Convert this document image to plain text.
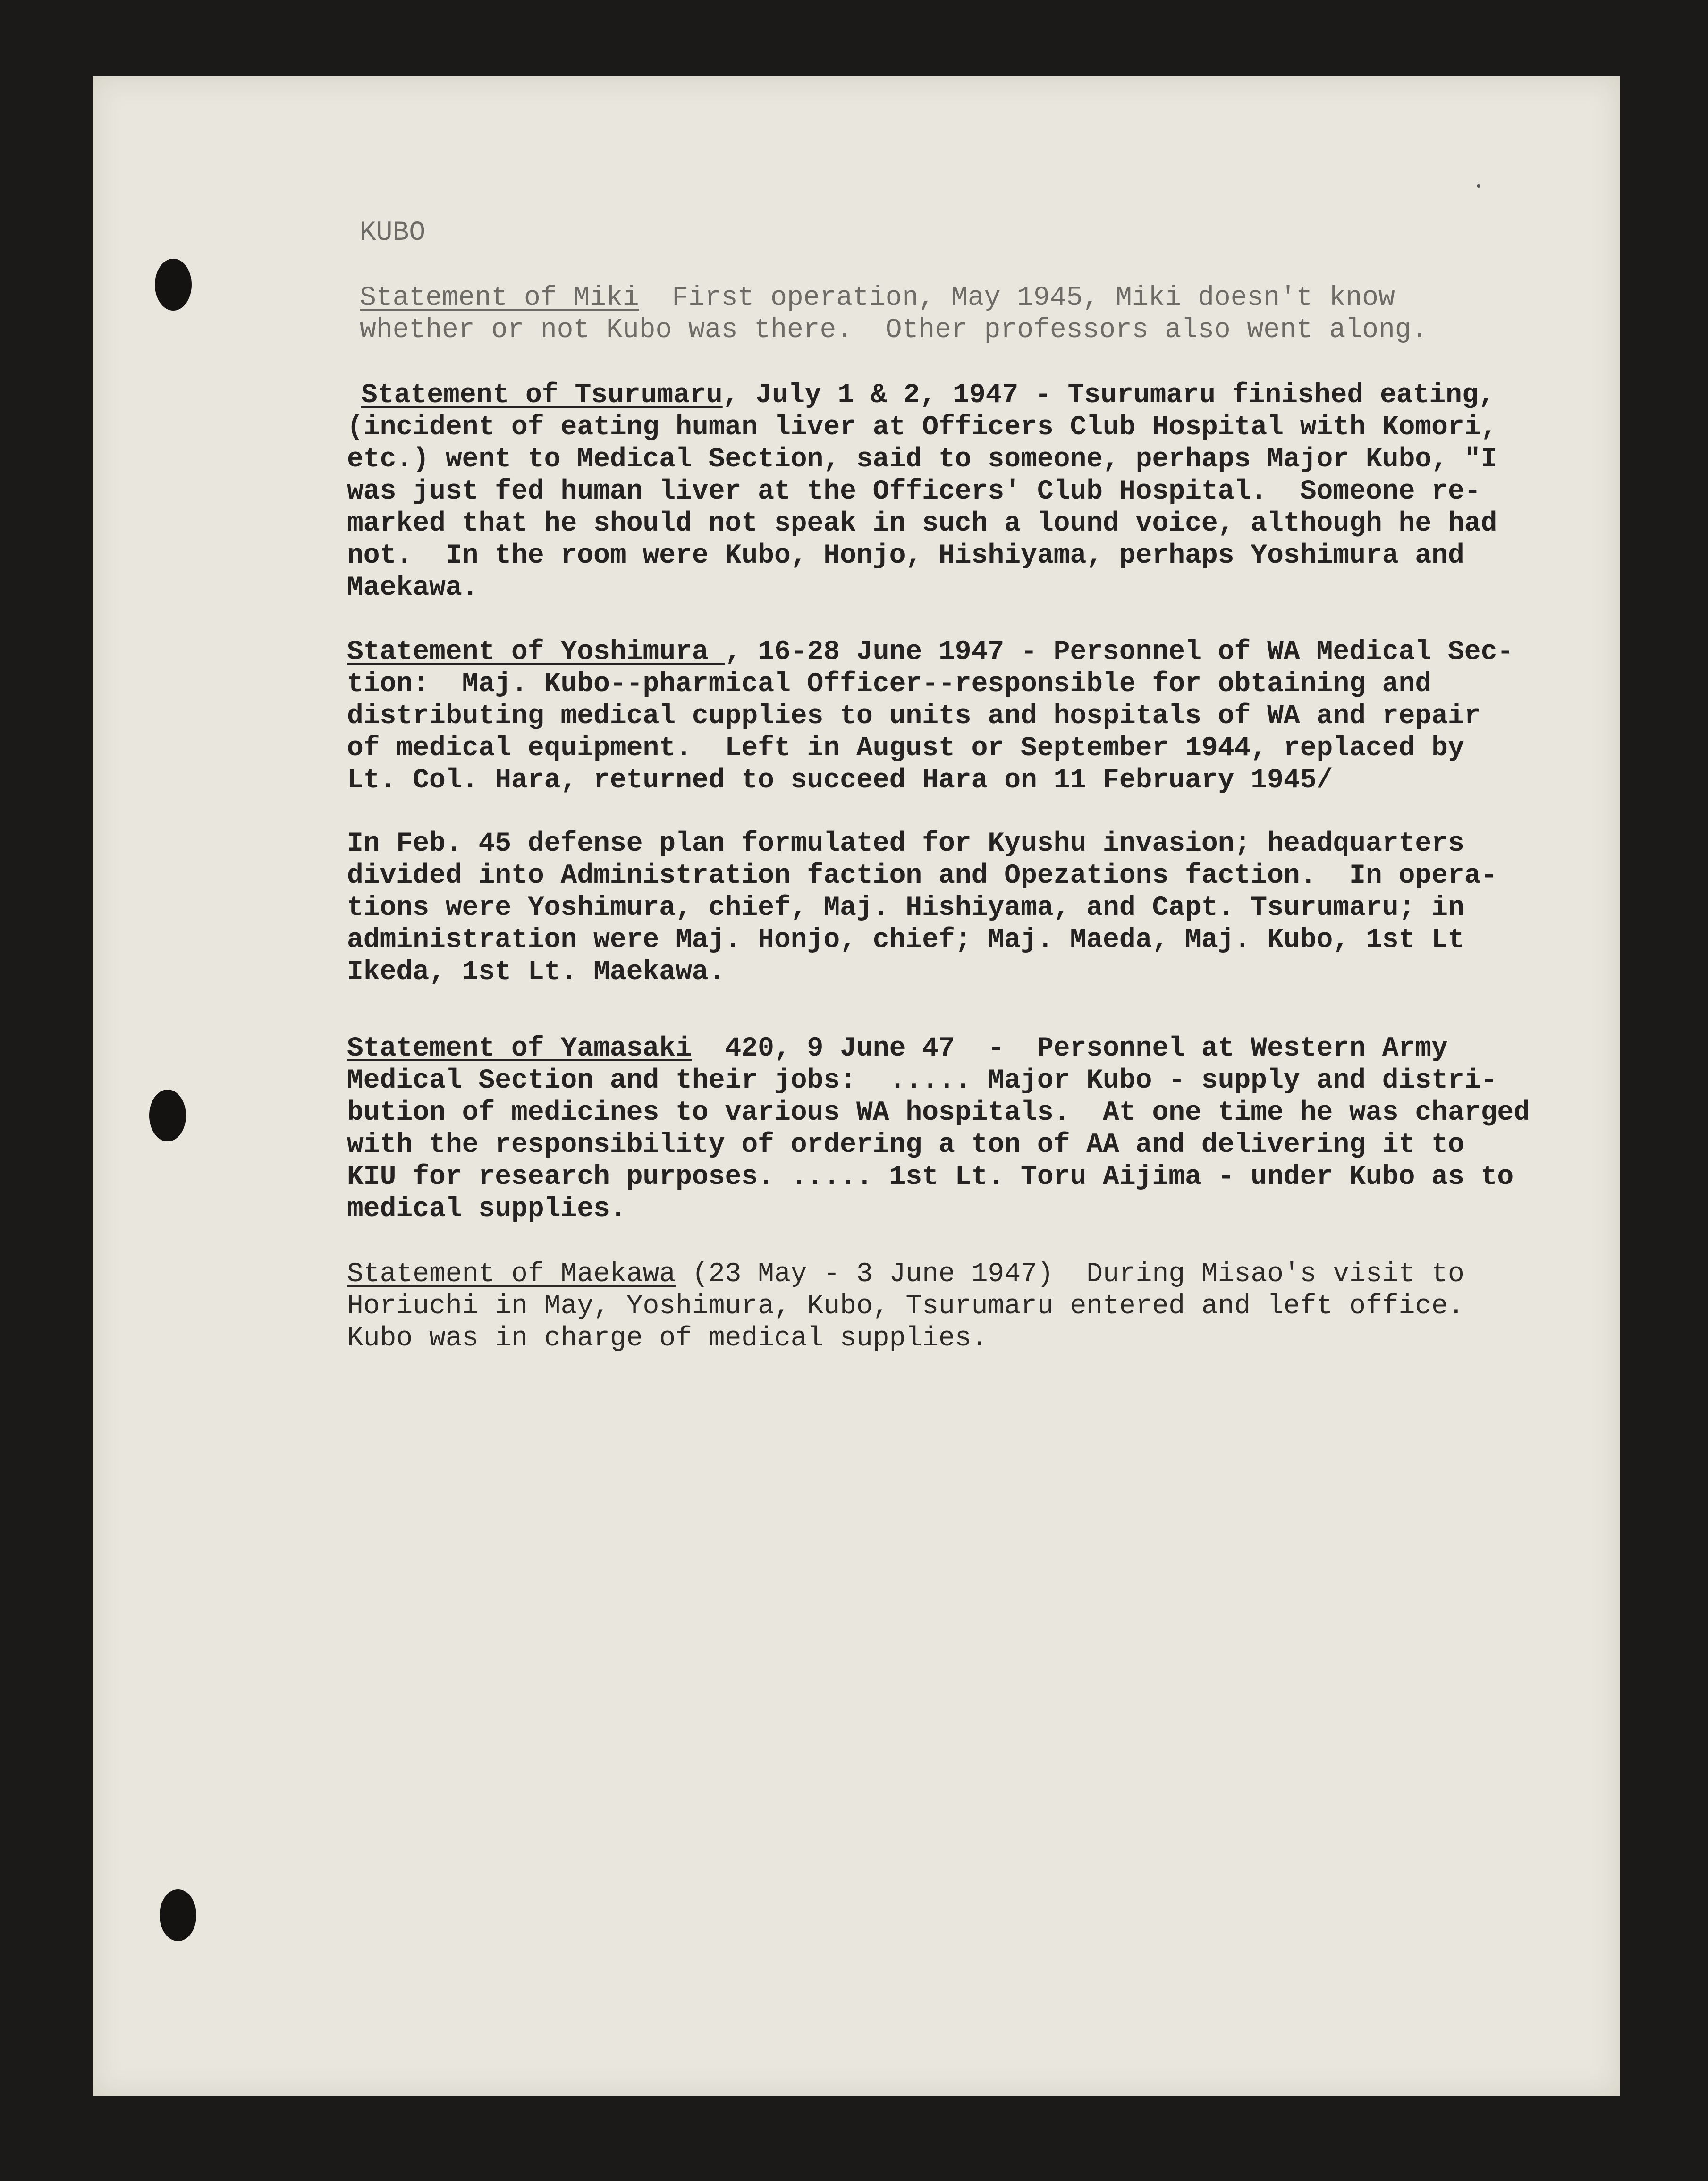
KUBO
Statement of Miki  First operation, May 1945, Miki doesn't know
whether or not Kubo was there.  Other professors also went along.
Statement of Tsurumaru, July 1 & 2, 1947 - Tsurumaru finished eating,
(incident of eating human liver at Officers Club Hospital with Komori,
etc.) went to Medical Section, said to someone, perhaps Major Kubo, "I
was just fed human liver at the Officers' Club Hospital.  Someone re-
marked that he should not speak in such a lound voice, although he had
not.  In the room were Kubo, Honjo, Hishiyama, perhaps Yoshimura and
Maekawa.
Statement of Yoshimura , 16-28 June 1947 - Personnel of WA Medical Sec-
tion:  Maj. Kubo--pharmical Officer--responsible for obtaining and
distributing medical cupplies to units and hospitals of WA and repair
of medical equipment.  Left in August or September 1944, replaced by
Lt. Col. Hara, returned to succeed Hara on 11 February 1945/
In Feb. 45 defense plan formulated for Kyushu invasion; headquarters
divided into Administration faction and Opezations faction.  In opera-
tions were Yoshimura, chief, Maj. Hishiyama, and Capt. Tsurumaru; in
administration were Maj. Honjo, chief; Maj. Maeda, Maj. Kubo, 1st Lt
Ikeda, 1st Lt. Maekawa.
Statement of Yamasaki  420, 9 June 47  -  Personnel at Western Army
Medical Section and their jobs:  ..... Major Kubo - supply and distri-
bution of medicines to various WA hospitals.  At one time he was charged
with the responsibility of ordering a ton of AA and delivering it to
KIU for research purposes. ..... 1st Lt. Toru Aijima - under Kubo as to
medical supplies.
Statement of Maekawa (23 May - 3 June 1947)  During Misao's visit to
Horiuchi in May, Yoshimura, Kubo, Tsurumaru entered and left office.
Kubo was in charge of medical supplies.
